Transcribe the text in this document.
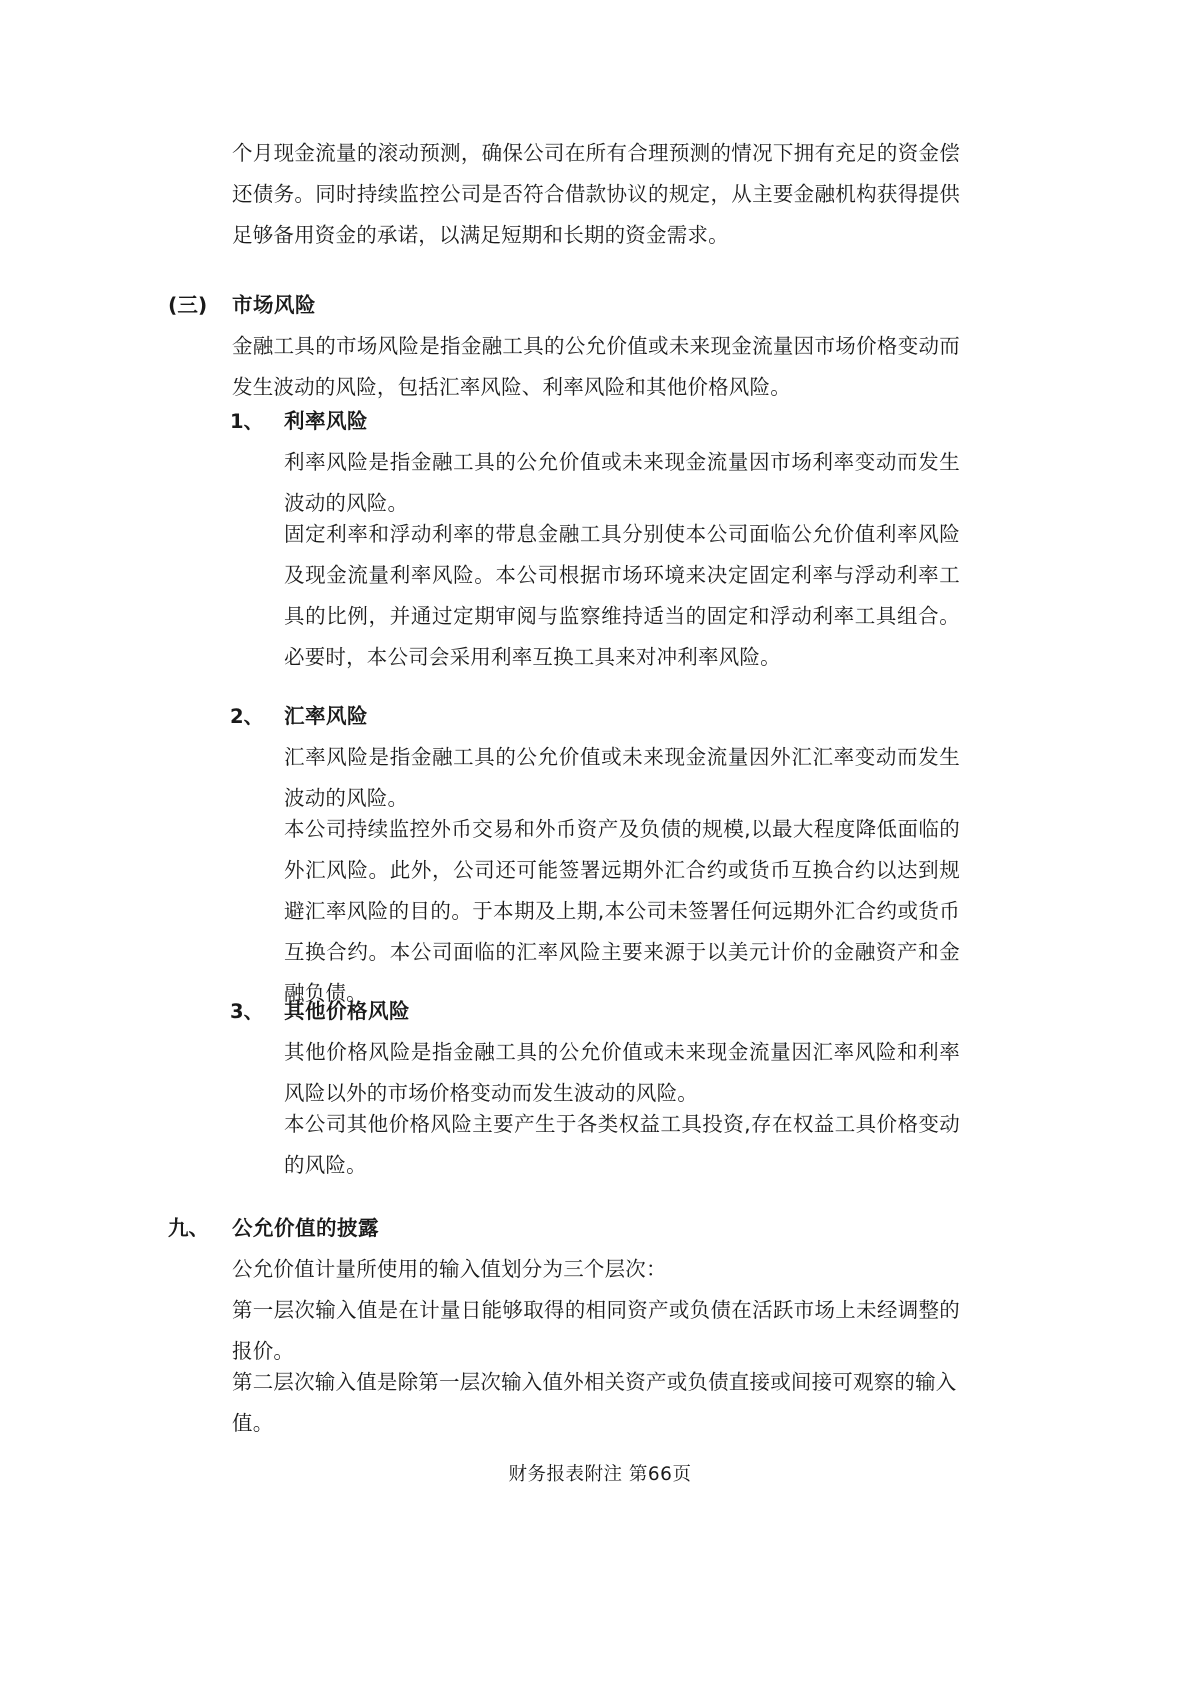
个月现金流量的滚动预测，确保公司在所有合理预测的情况下拥有充足的资金偿还债务。同时持续监控公司是否符合借款协议的规定，从主要金融机构获得提供足够备用资金的承诺，以满足短期和长期的资金需求。
(三) 市场风险
金融工具的市场风险是指金融工具的公允价值或未来现金流量因市场价格变动而发生波动的风险，包括汇率风险、利率风险和其他价格风险。
1、 利率风险
利率风险是指金融工具的公允价值或未来现金流量因市场利率变动而发生波动的风险。
固定利率和浮动利率的带息金融工具分别使本公司面临公允价值利率风险及现金流量利率风险。本公司根据市场环境来决定固定利率与浮动利率工具的比例，并通过定期审阅与监察维持适当的固定和浮动利率工具组合。必要时，本公司会采用利率互换工具来对冲利率风险。
2、 汇率风险
汇率风险是指金融工具的公允价值或未来现金流量因外汇汇率变动而发生波动的风险。
本公司持续监控外币交易和外币资产及负债的规模,以最大程度降低面临的外汇风险。此外，公司还可能签署远期外汇合约或货币互换合约以达到规避汇率风险的目的。于本期及上期,本公司未签署任何远期外汇合约或货币互换合约。本公司面临的汇率风险主要来源于以美元计价的金融资产和金融负债。
3、 其他价格风险
其他价格风险是指金融工具的公允价值或未来现金流量因汇率风险和利率风险以外的市场价格变动而发生波动的风险。
本公司其他价格风险主要产生于各类权益工具投资,存在权益工具价格变动的风险。
九、 公允价值的披露
公允价值计量所使用的输入值划分为三个层次：
第一层次输入值是在计量日能够取得的相同资产或负债在活跃市场上未经调整的报价。
第二层次输入值是除第一层次输入值外相关资产或负债直接或间接可观察的输入值。
财务报表附注 第66页
